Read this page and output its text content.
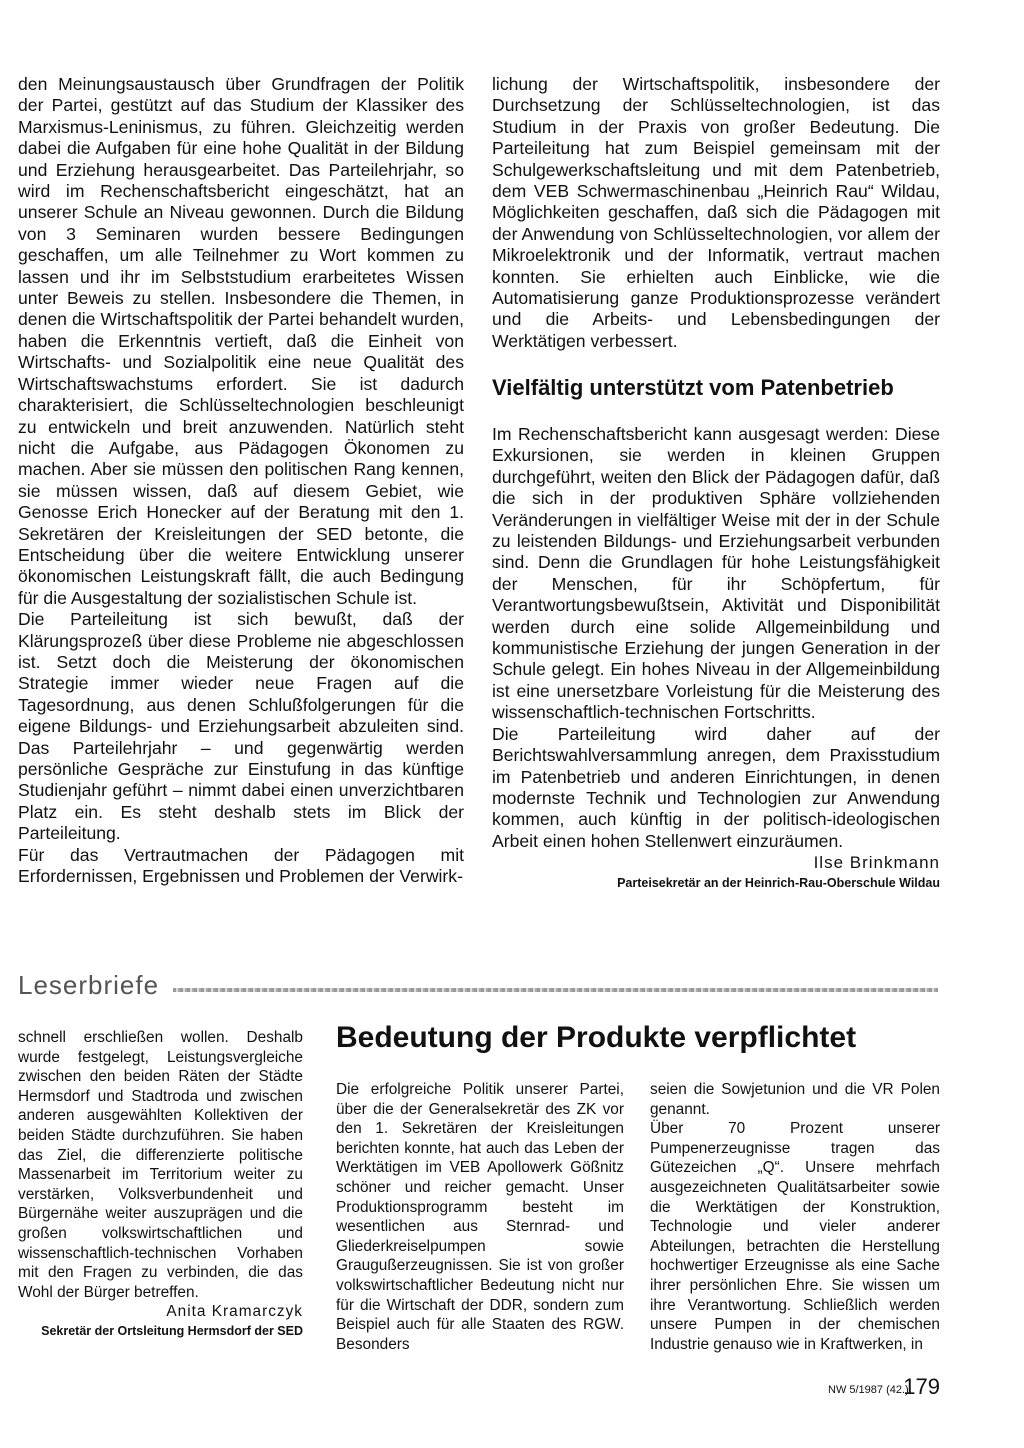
den Meinungsaustausch über Grundfragen der Politik der Partei, gestützt auf das Studium der Klassiker des Marxismus-Leninismus, zu führen. Gleichzeitig werden dabei die Aufgaben für eine hohe Qualität in der Bildung und Erziehung herausgearbeitet. Das Parteilehrjahr, so wird im Rechenschaftsbericht eingeschätzt, hat an unserer Schule an Niveau gewonnen. Durch die Bildung von 3 Seminaren wurden bessere Bedingungen geschaffen, um alle Teilnehmer zu Wort kommen zu lassen und ihr im Selbststudium erarbeitetes Wissen unter Beweis zu stellen. Insbesondere die Themen, in denen die Wirtschaftspolitik der Partei behandelt wurden, haben die Erkenntnis vertieft, daß die Einheit von Wirtschafts- und Sozialpolitik eine neue Qualität des Wirtschaftswachstums erfordert. Sie ist dadurch charakterisiert, die Schlüsseltechnologien beschleunigt zu entwickeln und breit anzuwenden. Natürlich steht nicht die Aufgabe, aus Pädagogen Ökonomen zu machen. Aber sie müssen den politischen Rang kennen, sie müssen wissen, daß auf diesem Gebiet, wie Genosse Erich Honecker auf der Beratung mit den 1. Sekretären der Kreisleitungen der SED betonte, die Entscheidung über die weitere Entwicklung unserer ökonomischen Leistungskraft fällt, die auch Bedingung für die Ausgestaltung der sozialistischen Schule ist.

Die Parteileitung ist sich bewußt, daß der Klärungsprozeß über diese Probleme nie abgeschlossen ist. Setzt doch die Meisterung der ökonomischen Strategie immer wieder neue Fragen auf die Tagesordnung, aus denen Schlußfolgerungen für die eigene Bildungs- und Erziehungsarbeit abzuleiten sind. Das Parteilehrjahr – und gegenwärtig werden persönliche Gespräche zur Einstufung in das künftige Studienjahr geführt – nimmt dabei einen unverzichtbaren Platz ein. Es steht deshalb stets im Blick der Parteileitung.

Für das Vertrautmachen der Pädagogen mit Erfordernissen, Ergebnissen und Problemen der Verwirk-

lichung der Wirtschaftspolitik, insbesondere der Durchsetzung der Schlüsseltechnologien, ist das Studium in der Praxis von großer Bedeutung. Die Parteileitung hat zum Beispiel gemeinsam mit der Schulgewerkschaftsleitung und mit dem Patenbetrieb, dem VEB Schwermaschinenbau „Heinrich Rau“ Wildau, Möglichkeiten geschaffen, daß sich die Pädagogen mit der Anwendung von Schlüsseltechnologien, vor allem der Mikroelektronik und der Informatik, vertraut machen konnten. Sie erhielten auch Einblicke, wie die Automatisierung ganze Produktionsprozesse verändert und die Arbeits- und Lebensbedingungen der Werktätigen verbessert.

Vielfältig unterstützt vom Patenbetrieb

Im Rechenschaftsbericht kann ausgesagt werden: Diese Exkursionen, sie werden in kleinen Gruppen durchgeführt, weiten den Blick der Pädagogen dafür, daß die sich in der produktiven Sphäre vollziehenden Veränderungen in vielfältiger Weise mit der in der Schule zu leistenden Bildungs- und Erziehungsarbeit verbunden sind. Denn die Grundlagen für hohe Leistungsfähigkeit der Menschen, für ihr Schöpfertum, für Verantwortungsbewußtsein, Aktivität und Disponibilität werden durch eine solide Allgemeinbildung und kommunistische Erziehung der jungen Generation in der Schule gelegt. Ein hohes Niveau in der Allgemeinbildung ist eine unersetzbare Vorleistung für die Meisterung des wissenschaftlich-technischen Fortschritts.

Die Parteileitung wird daher auf der Berichtswahlversammlung anregen, dem Praxisstudium im Patenbetrieb und anderen Einrichtungen, in denen modernste Technik und Technologien zur Anwendung kommen, auch künftig in der politisch-ideologischen Arbeit einen hohen Stellenwert einzuräumen.

Ilse Brinkmann
Parteisekretär an der Heinrich-Rau-Oberschule Wildau
Leserbriefe

schnell erschließen wollen. Deshalb wurde festgelegt, Leistungsvergleiche zwischen den beiden Räten der Städte Hermsdorf und Stadtroda und zwischen anderen ausgewählten Kollektiven der beiden Städte durchzuführen. Sie haben das Ziel, die differenzierte politische Massenarbeit im Territorium weiter zu verstärken, Volksverbundenheit und Bürgernähe weiter auszuprägen und die großen volkswirtschaftlichen und wissenschaftlich-technischen Vorhaben mit den Fragen zu verbinden, die das Wohl der Bürger betreffen.

Anita Kramarczyk
Sekretär der Ortsleitung Hermsdorf der SED
Bedeutung der Produkte verpflichtet

Die erfolgreiche Politik unserer Partei, über die der Generalsekretär des ZK vor den 1. Sekretären der Kreisleitungen berichten konnte, hat auch das Leben der Werktätigen im VEB Apollowerk Gößnitz schöner und reicher gemacht. Unser Produktionsprogramm besteht im wesentlichen aus Sternrad- und Gliederkreiselpumpen sowie Graugußerzeugnissen. Sie ist von großer volkswirtschaftlicher Bedeutung nicht nur für die Wirtschaft der DDR, sondern zum Beispiel auch für alle Staaten des RGW. Besonders

seien die Sowjetunion und die VR Polen genannt.

Über 70 Prozent unserer Pumpenerzeugnisse tragen das Gütezeichen „Q“. Unsere mehrfach ausgezeichneten Qualitätsarbeiter sowie die Werktätigen der Konstruktion, Technologie und vieler anderer Abteilungen, betrachten die Herstellung hochwertiger Erzeugnisse als eine Sache ihrer persönlichen Ehre. Sie wissen um ihre Verantwortung. Schließlich werden unsere Pumpen in der chemischen Industrie genauso wie in Kraftwerken, in

NW 5/1987 (42.)
179
